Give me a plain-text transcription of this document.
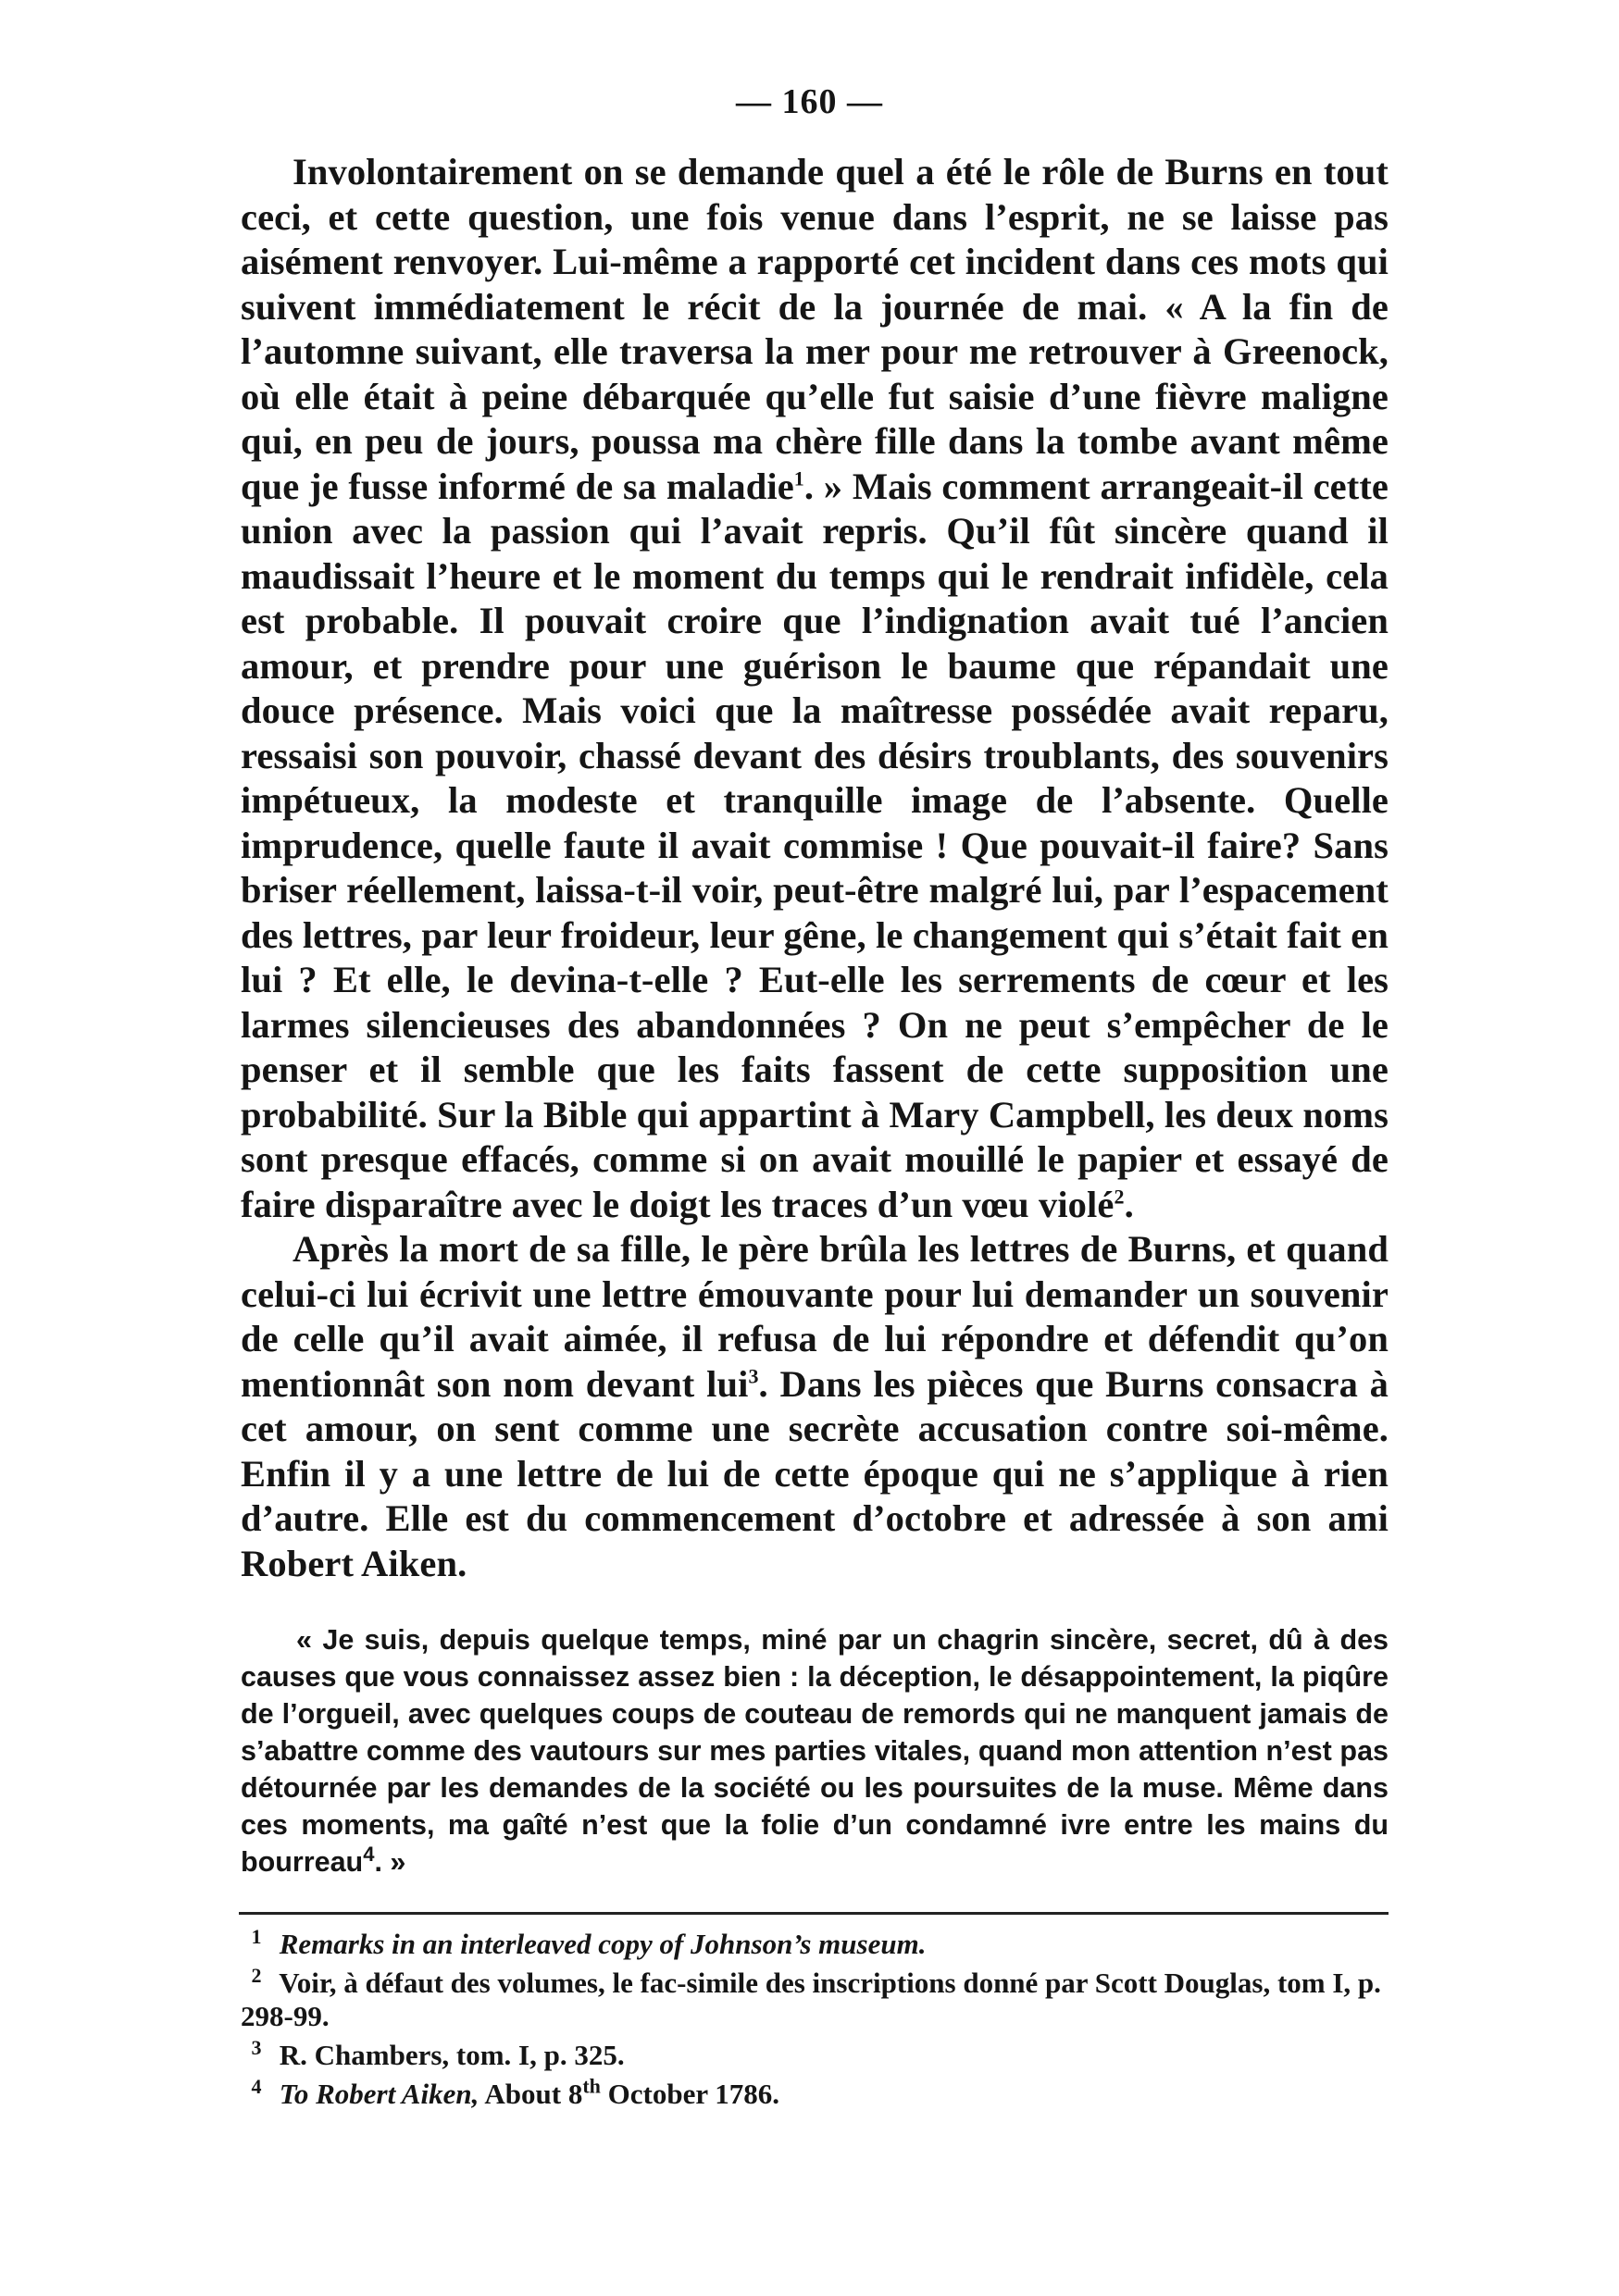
— 160 —

Involontairement on se demande quel a été le rôle de Burns en tout ceci, et cette question, une fois venue dans l’esprit, ne se laisse pas aisément renvoyer. Lui-même a rapporté cet incident dans ces mots qui suivent immédiatement le récit de la journée de mai. « A la fin de l’automne suivant, elle traversa la mer pour me retrouver à Greenock, où elle était à peine débarquée qu’elle fut saisie d’une fièvre maligne qui, en peu de jours, poussa ma chère fille dans la tombe avant même que je fusse informé de sa maladie$^1$. » Mais comment arrangeait-il cette union avec la passion qui l’avait repris. Qu’il fût sincère quand il maudissait l’heure et le moment du temps qui le rendrait infidèle, cela est probable. Il pouvait croire que l’indignation avait tué l’ancien amour, et prendre pour une guérison le baume que répandait une douce présence. Mais voici que la maîtresse possédée avait reparu, ressaisi son pouvoir, chassé devant des désirs troublants, des souvenirs impétueux, la modeste et tranquille image de l’absente. Quelle imprudence, quelle faute il avait commise ! Que pouvait-il faire? Sans briser réellement, laissa-t-il voir, peut-être malgré lui, par l’espacement des lettres, par leur froideur, leur gêne, le changement qui s’était fait en lui ? Et elle, le devina-t-elle ? Eut-elle les serrements de cœur et les larmes silencieuses des abandonnées ? On ne peut s’empêcher de le penser et il semble que les faits fassent de cette supposition une probabilité. Sur la Bible qui appartint à Mary Campbell, les deux noms sont presque effacés, comme si on avait mouillé le papier et essayé de faire disparaître avec le doigt les traces d’un vœu violé$^2$.

Après la mort de sa fille, le père brûla les lettres de Burns, et quand celui-ci lui écrivit une lettre émouvante pour lui demander un souvenir de celle qu’il avait aimée, il refusa de lui répondre et défendit qu’on mentionnât son nom devant lui$^3$. Dans les pièces que Burns consacra à cet amour, on sent comme une secrète accusation contre soi-même. Enfin il y a une lettre de lui de cette époque qui ne s’applique à rien d’autre. Elle est du commencement d’octobre et adressée à son ami Robert Aiken.

« Je suis, depuis quelque temps, miné par un chagrin sincère, secret, dû à des causes que vous connaissez assez bien : la déception, le désappointement, la piqûre de l’orgueil, avec quelques coups de couteau de remords qui ne manquent jamais de s’abattre comme des vautours sur mes parties vitales, quand mon attention n’est pas détournée par les demandes de la société ou les poursuites de la muse. Même dans ces moments, ma gaîté n’est que la folie d’un condamné ivre entre les mains du bourreau$^4$. »

1 Remarks in an interleaved copy of Johnson’s museum.

2 Voir, à défaut des volumes, le fac-simile des inscriptions donné par Scott Douglas, tom I, p. 298-99.

3 R. Chambers, tom. I, p. 325.

4 To Robert Aiken, About 8th October 1786.
